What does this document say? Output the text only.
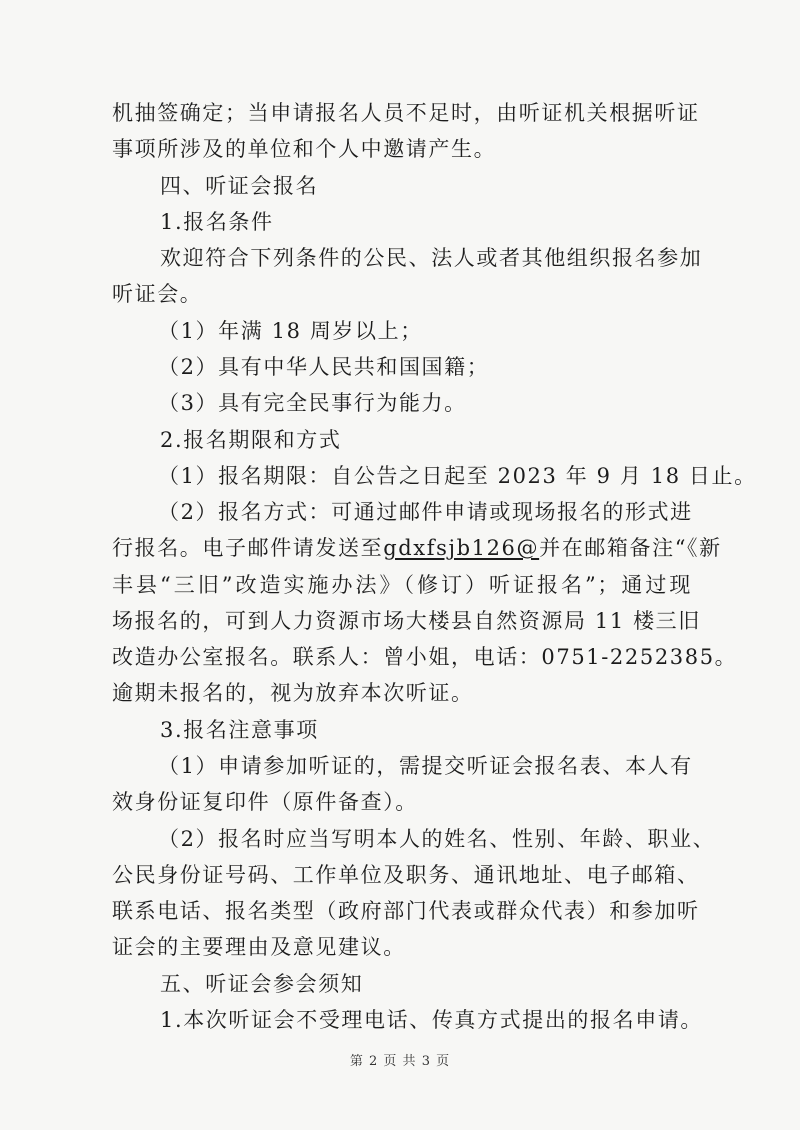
机抽签确定；当申请报名人员不足时，由听证机关根据听证
事项所涉及的单位和个人中邀请产生。
四、听证会报名
1.报名条件
欢迎符合下列条件的公民、法人或者其他组织报名参加
听证会。
（1）年满 18 周岁以上；
（2）具有中华人民共和国国籍；
（3）具有完全民事行为能力。
2.报名期限和方式
（1）报名期限：自公告之日起至 2023 年 9 月 18 日止。
（2）报名方式：可通过邮件申请或现场报名的形式进
行报名。电子邮件请发送至gdxfsjb126@并在邮箱备注“《新
丰县“三旧”改造实施办法》（修订）听证报名”；通过现
场报名的，可到人力资源市场大楼县自然资源局 11 楼三旧
改造办公室报名。联系人：曾小姐，电话：0751-2252385。
逾期未报名的，视为放弃本次听证。
3.报名注意事项
（1）申请参加听证的，需提交听证会报名表、本人有
效身份证复印件（原件备查）。
（2）报名时应当写明本人的姓名、性别、年龄、职业、
公民身份证号码、工作单位及职务、通讯地址、电子邮箱、
联系电话、报名类型（政府部门代表或群众代表）和参加听
证会的主要理由及意见建议。
五、听证会参会须知
1.本次听证会不受理电话、传真方式提出的报名申请。
第 2 页 共 3 页
